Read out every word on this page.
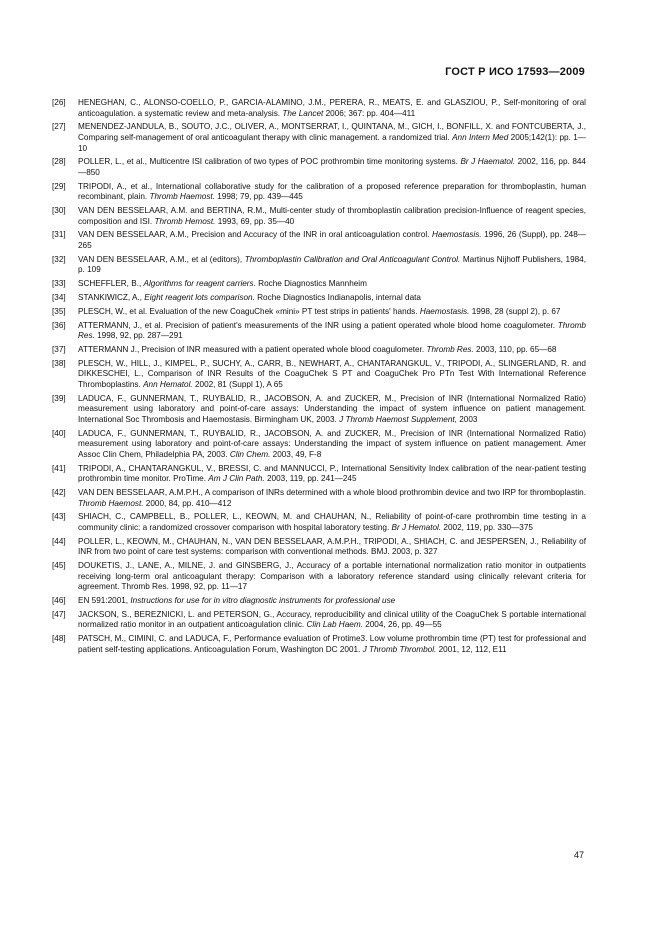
ГОСТ Р ИСО 17593—2009
[26]	HENEGHAN, C., ALONSO-COELLO, P., GARCIA-ALAMINO, J.M., PERERA, R., MEATS, E. and GLASZIOU, P., Self-monitoring of oral anticoagulation. a systematic review and meta-analysis. The Lancet 2006; 367: pp. 404—411
[27]	MENENDEZ-JANDULA, B., SOUTO, J.C., OLIVER, A., MONTSERRAT, I., QUINTANA, M., GICH, I., BONFILL, X. and FONTCUBERTA, J., Comparing self-management of oral anticoagulant therapy with clinic management. a randomized trial. Ann Intern Med 2005;142(1): pp. 1—10
[28]	POLLER, L., et al., Multicentre ISI calibration of two types of POC prothrombin time monitoring systems. Br J Haematol. 2002, 116, pp. 844—850
[29]	TRIPODI, A., et al., International collaborative study for the calibration of a proposed reference preparation for thromboplastin, human recombinant, plain. Thromb Haemost. 1998; 79, pp. 439—445
[30]	VAN DEN BESSELAAR, A.M. and BERTINA, R.M., Multi-center study of thromboplastin calibration precision-Influence of reagent species, composition and ISI. Thromb Hemost. 1993, 69, pp. 35—40
[31]	VAN DEN BESSELAAR, A.M., Precision and Accuracy of the INR in oral anticoagulation control. Haemostasis. 1996, 26 (Suppl), pp. 248—265
[32]	VAN DEN BESSELAAR, A.M., et al (editors), Thromboplastin Calibration and Oral Anticoagulant Control. Martinus Nijhoff Publishers, 1984, p. 109
[33]	SCHEFFLER, B., Algorithms for reagent carriers. Roche Diagnostics Mannheim
[34]	STANKIWICZ, A., Eight reagent lots comparison. Roche Diagnostics Indianapolis, internal data
[35]	PLESCH, W., et al. Evaluation of the new CoaguChek «mini» PT test strips in patients' hands. Haemostasis. 1998, 28 (suppl 2), p. 67
[36]	ATTERMANN, J., et al. Precision of patient's measurements of the INR using a patient operated whole blood home coagulometer. Thromb Res. 1998, 92, pp. 287—291
[37]	ATTERMANN J., Precision of INR measured with a patient operated whole blood coagulometer. Thromb Res. 2003, 110, pp. 65—68
[38]	PLESCH, W., HILL, J., KIMPEL, P., SUCHY, A., CARR, B., NEWHART, A., CHANTARANGKUL, V., TRIPODI, A., SLINGERLAND, R. and DIKKESCHEI, L., Comparison of INR Results of the CoaguChek S PT and CoaguChek Pro PTn Test With International Reference Thromboplastins. Ann Hematol. 2002, 81 (Suppl 1), A 65
[39]	LADUCA, F., GUNNERMAN, T., RUYBALID, R., JACOBSON, A. and ZUCKER, M., Precision of INR (International Normalized Ratio) measurement using laboratory and point-of-care assays: Understanding the impact of system influence on patient management. International Soc Thrombosis and Haemostasis. Birmingham UK, 2003. J Thromb Haemost Supplement, 2003
[40]	LADUCA, F., GUNNERMAN, T., RUYBALID, R., JACOBSON, A. and ZUCKER, M., Precision of INR (International Normalized Ratio) measurement using laboratory and point-of-care assays: Understanding the impact of system influence on patient management. Amer Assoc Clin Chem, Philadelphia PA, 2003. Clin Chem. 2003, 49, F-8
[41]	TRIPODI, A., CHANTARANGKUL, V., BRESSI, C. and MANNUCCI, P., International Sensitivity Index calibration of the near-patient testing prothrombin time monitor. ProTime. Am J Clin Path. 2003, 119, pp. 241—245
[42]	VAN DEN BESSELAAR, A.M.P.H., A comparison of INRs determined with a whole blood prothrombin device and two IRP for thromboplastin. Thromb Haemost. 2000, 84, pp. 410—412
[43]	SHIACH, C., CAMPBELL, B., POLLER, L., KEOWN, M. and CHAUHAN, N., Reliability of point-of-care prothrombin time testing in a community clinic: a randomized crossover comparison with hospital laboratory testing. Br J Hematol. 2002, 119, pp. 330—375
[44]	POLLER, L., KEOWN, M., CHAUHAN, N., VAN DEN BESSELAAR, A.M.P.H., TRIPODI, A., SHIACH, C. and JESPERSEN, J., Reliability of INR from two point of care test systems: comparison with conventional methods. BMJ. 2003, p. 327
[45]	DOUKETIS, J., LANE, A., MILNE, J. and GINSBERG, J., Accuracy of a portable international normalization ratio monitor in outpatients receiving long-term oral anticoagulant therapy: Comparison with a laboratory reference standard using clinically relevant criteria for agreement. Thromb Res. 1998, 92, pp. 11—17
[46]	EN 591:2001, Instructions for use for in vitro diagnostic instruments for professional use
[47]	JACKSON, S., BEREZNICKI, L. and PETERSON, G., Accuracy, reproducibility and clinical utility of the CoaguChek S portable international normalized ratio monitor in an outpatient anticoagulation clinic. Clin Lab Haem. 2004, 26, pp. 49—55
[48]	PATSCH, M., CIMINI, C. and LADUCA, F., Performance evaluation of Protime3. Low volume prothrombin time (PT) test for professional and patient self-testing applications. Anticoagulation Forum, Washington DC 2001. J Thromb Thrombol. 2001, 12, 112, E11
47
